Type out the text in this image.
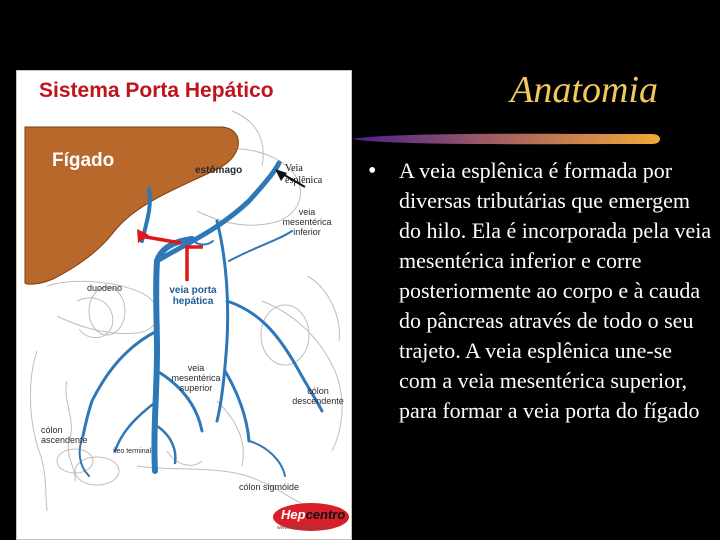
Sistema Porta Hepático
Fígado	estômago	Veia esplênica
veia mesentérica inferior
duodeno	veia porta hepática
veia mesentérica superior	cólon descendente
cólon ascendente
íleo terminal
cólon sigmóide
Hepcentro
www.hepcentro.com.br
Anatomia
• A veia esplênica é formada por diversas tributárias que emergem do hilo. Ela é incorporada pela veia mesentérica inferior e corre posteriormente ao corpo e à cauda do pâncreas através de todo o seu trajeto. A veia esplênica une-se com a veia mesentérica superior, para formar a veia porta do fígado
